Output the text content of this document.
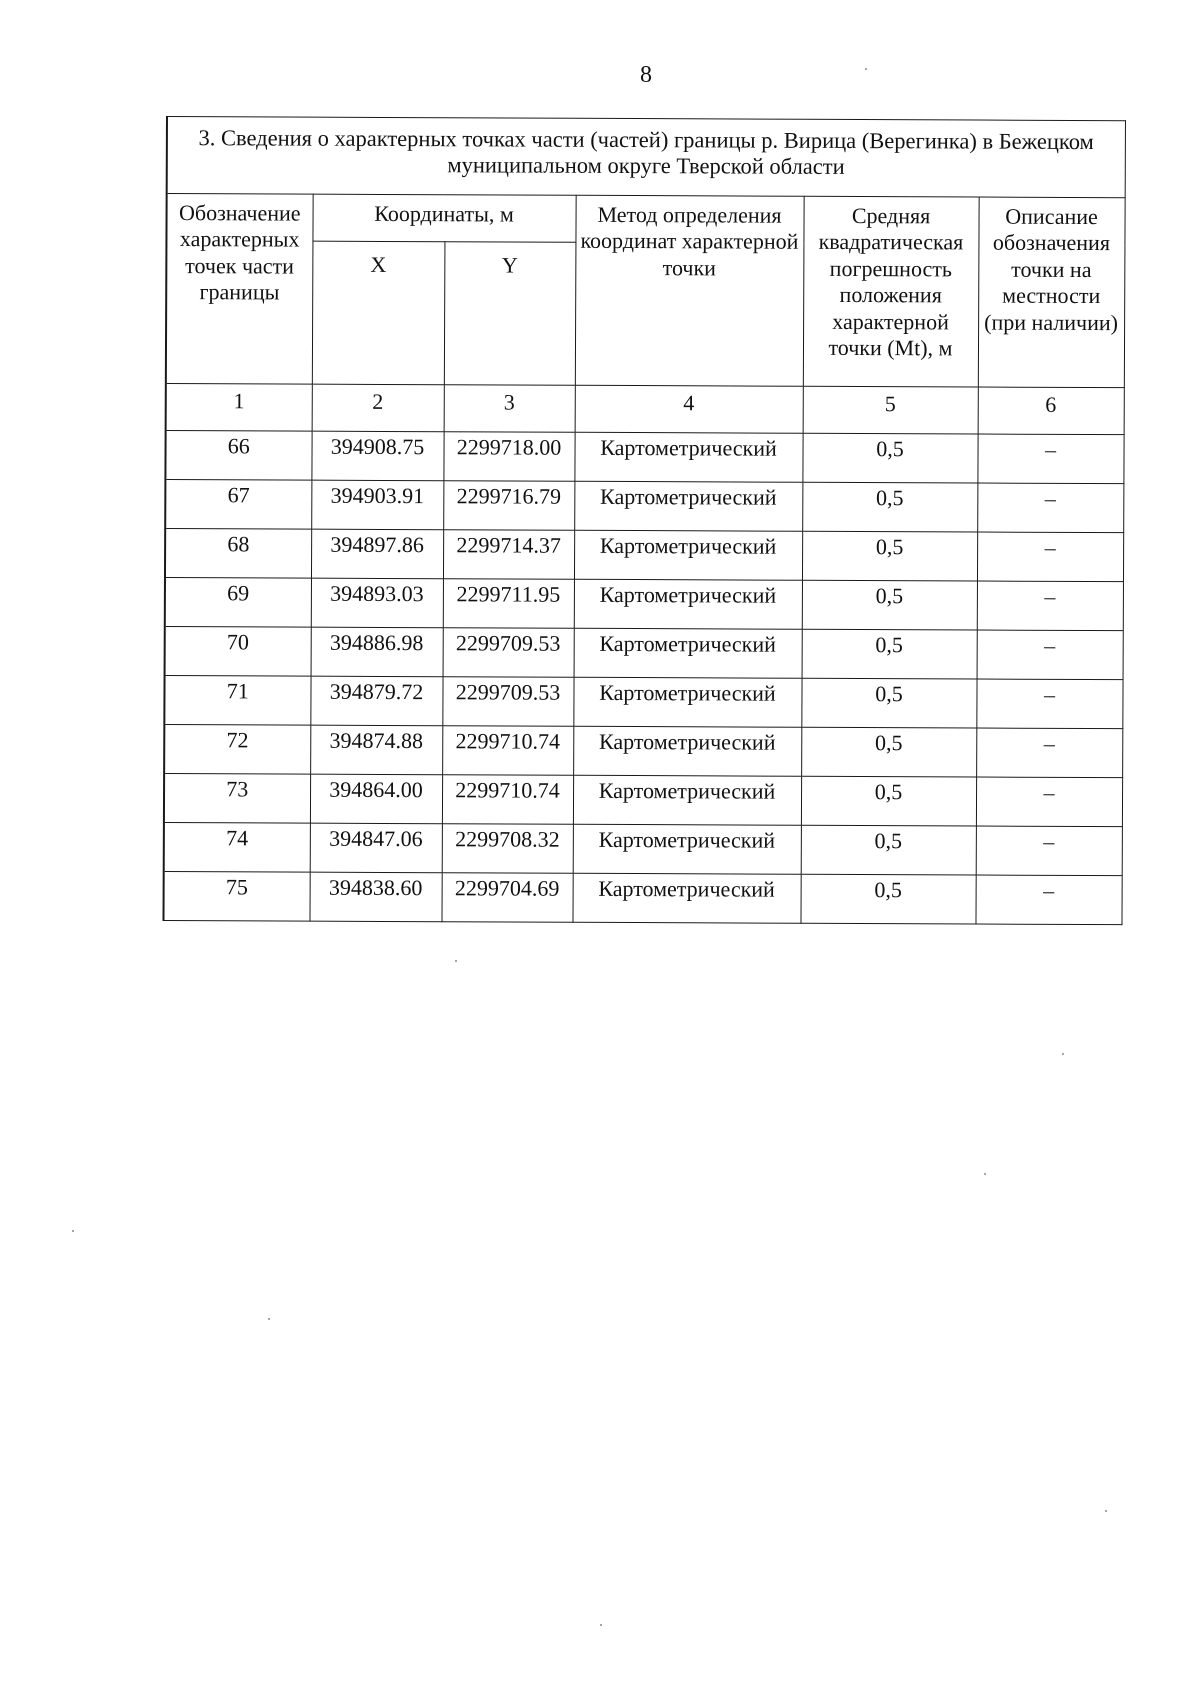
8
3. Сведения о характерных точках части (частей) границы р. Вирица (Верегинка) в Бежецком муниципальном округе Тверской области					
Обозначение характерных точек части границы	Координаты, м		Метод определения координат характерной точки	Средняя квадратическая погрешность положения характерной точки (Mt), м	Описание обозначения точки на местности (при наличии)
	X	Y			
1	2	3	4	5	6
66	394908.75	2299718.00	Картометрический	0,5	–
67	394903.91	2299716.79	Картометрический	0,5	–
68	394897.86	2299714.37	Картометрический	0,5	–
69	394893.03	2299711.95	Картометрический	0,5	–
70	394886.98	2299709.53	Картометрический	0,5	–
71	394879.72	2299709.53	Картометрический	0,5	–
72	394874.88	2299710.74	Картометрический	0,5	–
73	394864.00	2299710.74	Картометрический	0,5	–
74	394847.06	2299708.32	Картометрический	0,5	–
75	394838.60	2299704.69	Картометрический	0,5	–
